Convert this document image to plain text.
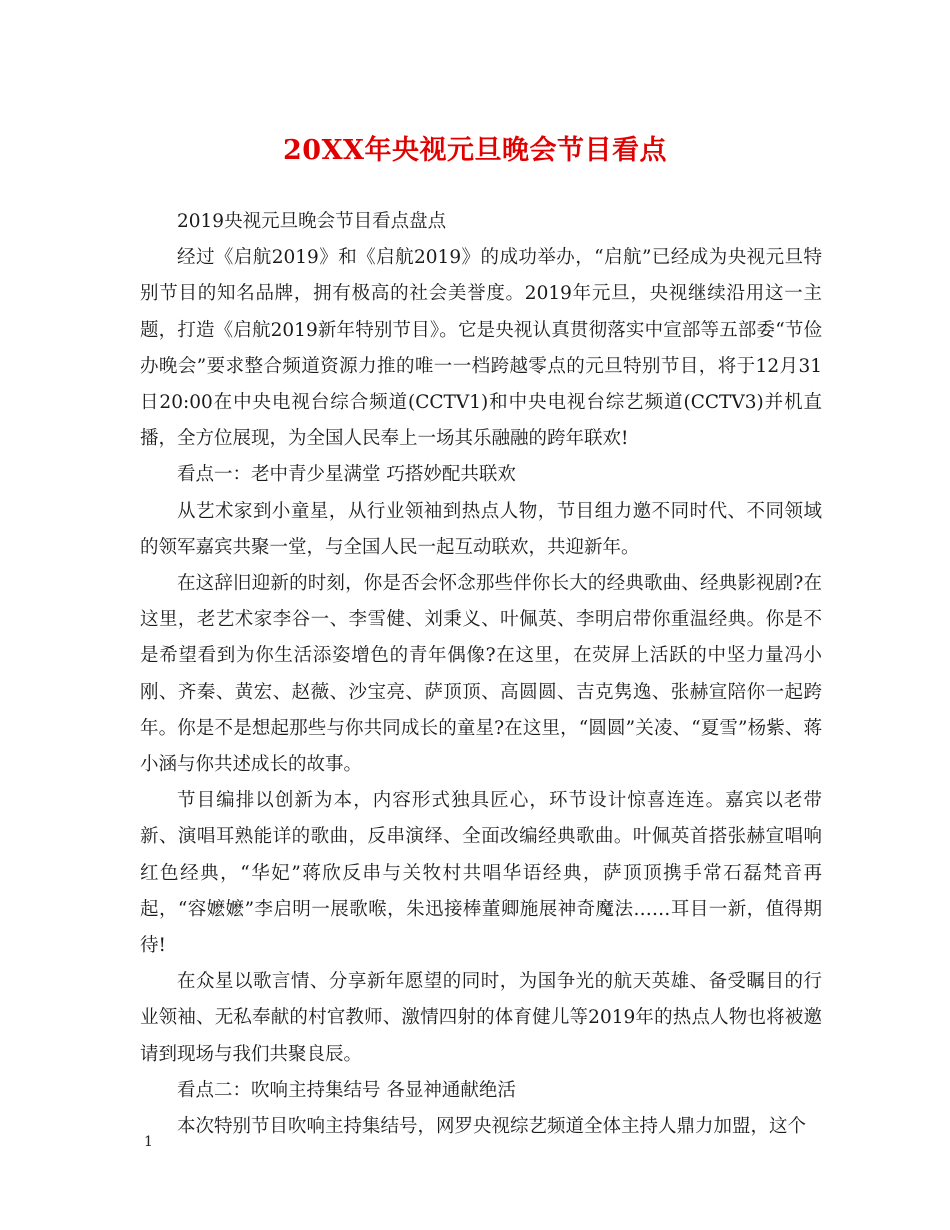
20XX年央视元旦晚会节目看点

2019央视元旦晚会节目看点盘点

经过《启航2019》和《启航2019》的成功举办，“启航”已经成为央视元旦特别节目的知名品牌，拥有极高的社会美誉度。2019年元旦，央视继续沿用这一主题，打造《启航2019新年特别节目》。它是央视认真贯彻落实中宣部等五部委“节俭办晚会”要求整合频道资源力推的唯一一档跨越零点的元旦特别节目，将于12月31日20:00在中央电视台综合频道(CCTV1)和中央电视台综艺频道(CCTV3)并机直播，全方位展现，为全国人民奉上一场其乐融融的跨年联欢!

看点一：老中青少星满堂 巧搭妙配共联欢

从艺术家到小童星，从行业领袖到热点人物，节目组力邀不同时代、不同领域的领军嘉宾共聚一堂，与全国人民一起互动联欢，共迎新年。

在这辞旧迎新的时刻，你是否会怀念那些伴你长大的经典歌曲、经典影视剧?在这里，老艺术家李谷一、李雪健、刘秉义、叶佩英、李明启带你重温经典。你是不是希望看到为你生活添姿增色的青年偶像?在这里，在荧屏上活跃的中坚力量冯小刚、齐秦、黄宏、赵薇、沙宝亮、萨顶顶、高圆圆、吉克隽逸、张赫宣陪你一起跨年。你是不是想起那些与你共同成长的童星?在这里，“圆圆”关凌、“夏雪”杨紫、蒋小涵与你共述成长的故事。

节目编排以创新为本，内容形式独具匠心，环节设计惊喜连连。嘉宾以老带新、演唱耳熟能详的歌曲，反串演绎、全面改编经典歌曲。叶佩英首搭张赫宣唱响红色经典，“华妃”蒋欣反串与关牧村共唱华语经典，萨顶顶携手常石磊梵音再起，“容嬷嬷”李启明一展歌喉，朱迅接棒董卿施展神奇魔法……耳目一新，值得期待!

在众星以歌言情、分享新年愿望的同时，为国争光的航天英雄、备受瞩目的行业领袖、无私奉献的村官教师、激情四射的体育健儿等2019年的热点人物也将被邀请到现场与我们共聚良辰。

看点二：吹响主持集结号 各显神通献绝活

本次特别节目吹响主持集结号，网罗央视综艺频道全体主持人鼎力加盟，这个

1
